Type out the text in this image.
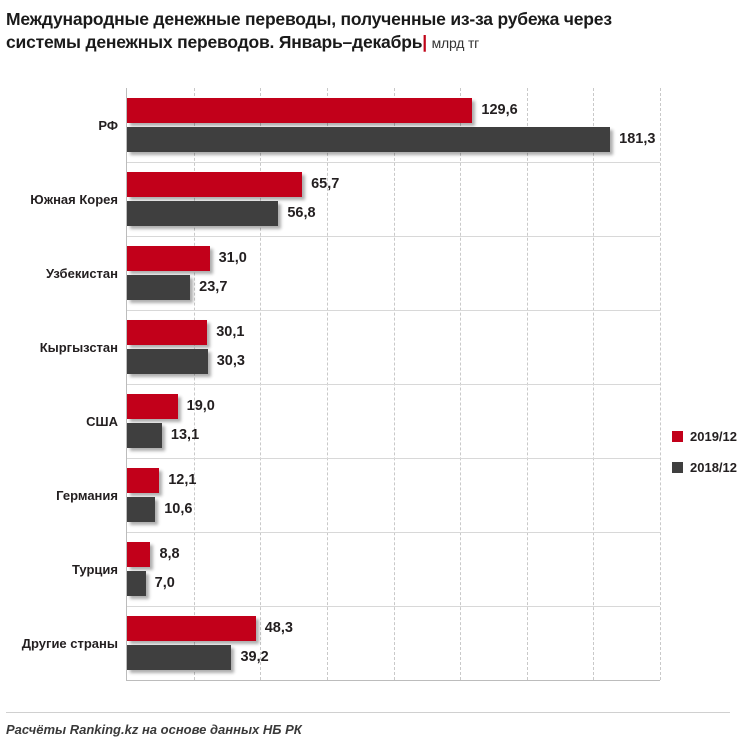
Международные денежные переводы, полученные из-за рубежа через
системы денежных переводов. Январь–декабрь| млрд тг
РФ
129,6
181,3
Южная Корея
65,7
56,8
Узбекистан
31,0
23,7
Кыргызстан
30,1
30,3
США
19,0
13,1
Германия
12,1
10,6
Турция
8,8
7,0
Другие страны
48,3
39,2
2019/12
2018/12
Расчёты Ranking.kz на основе данных НБ РК
